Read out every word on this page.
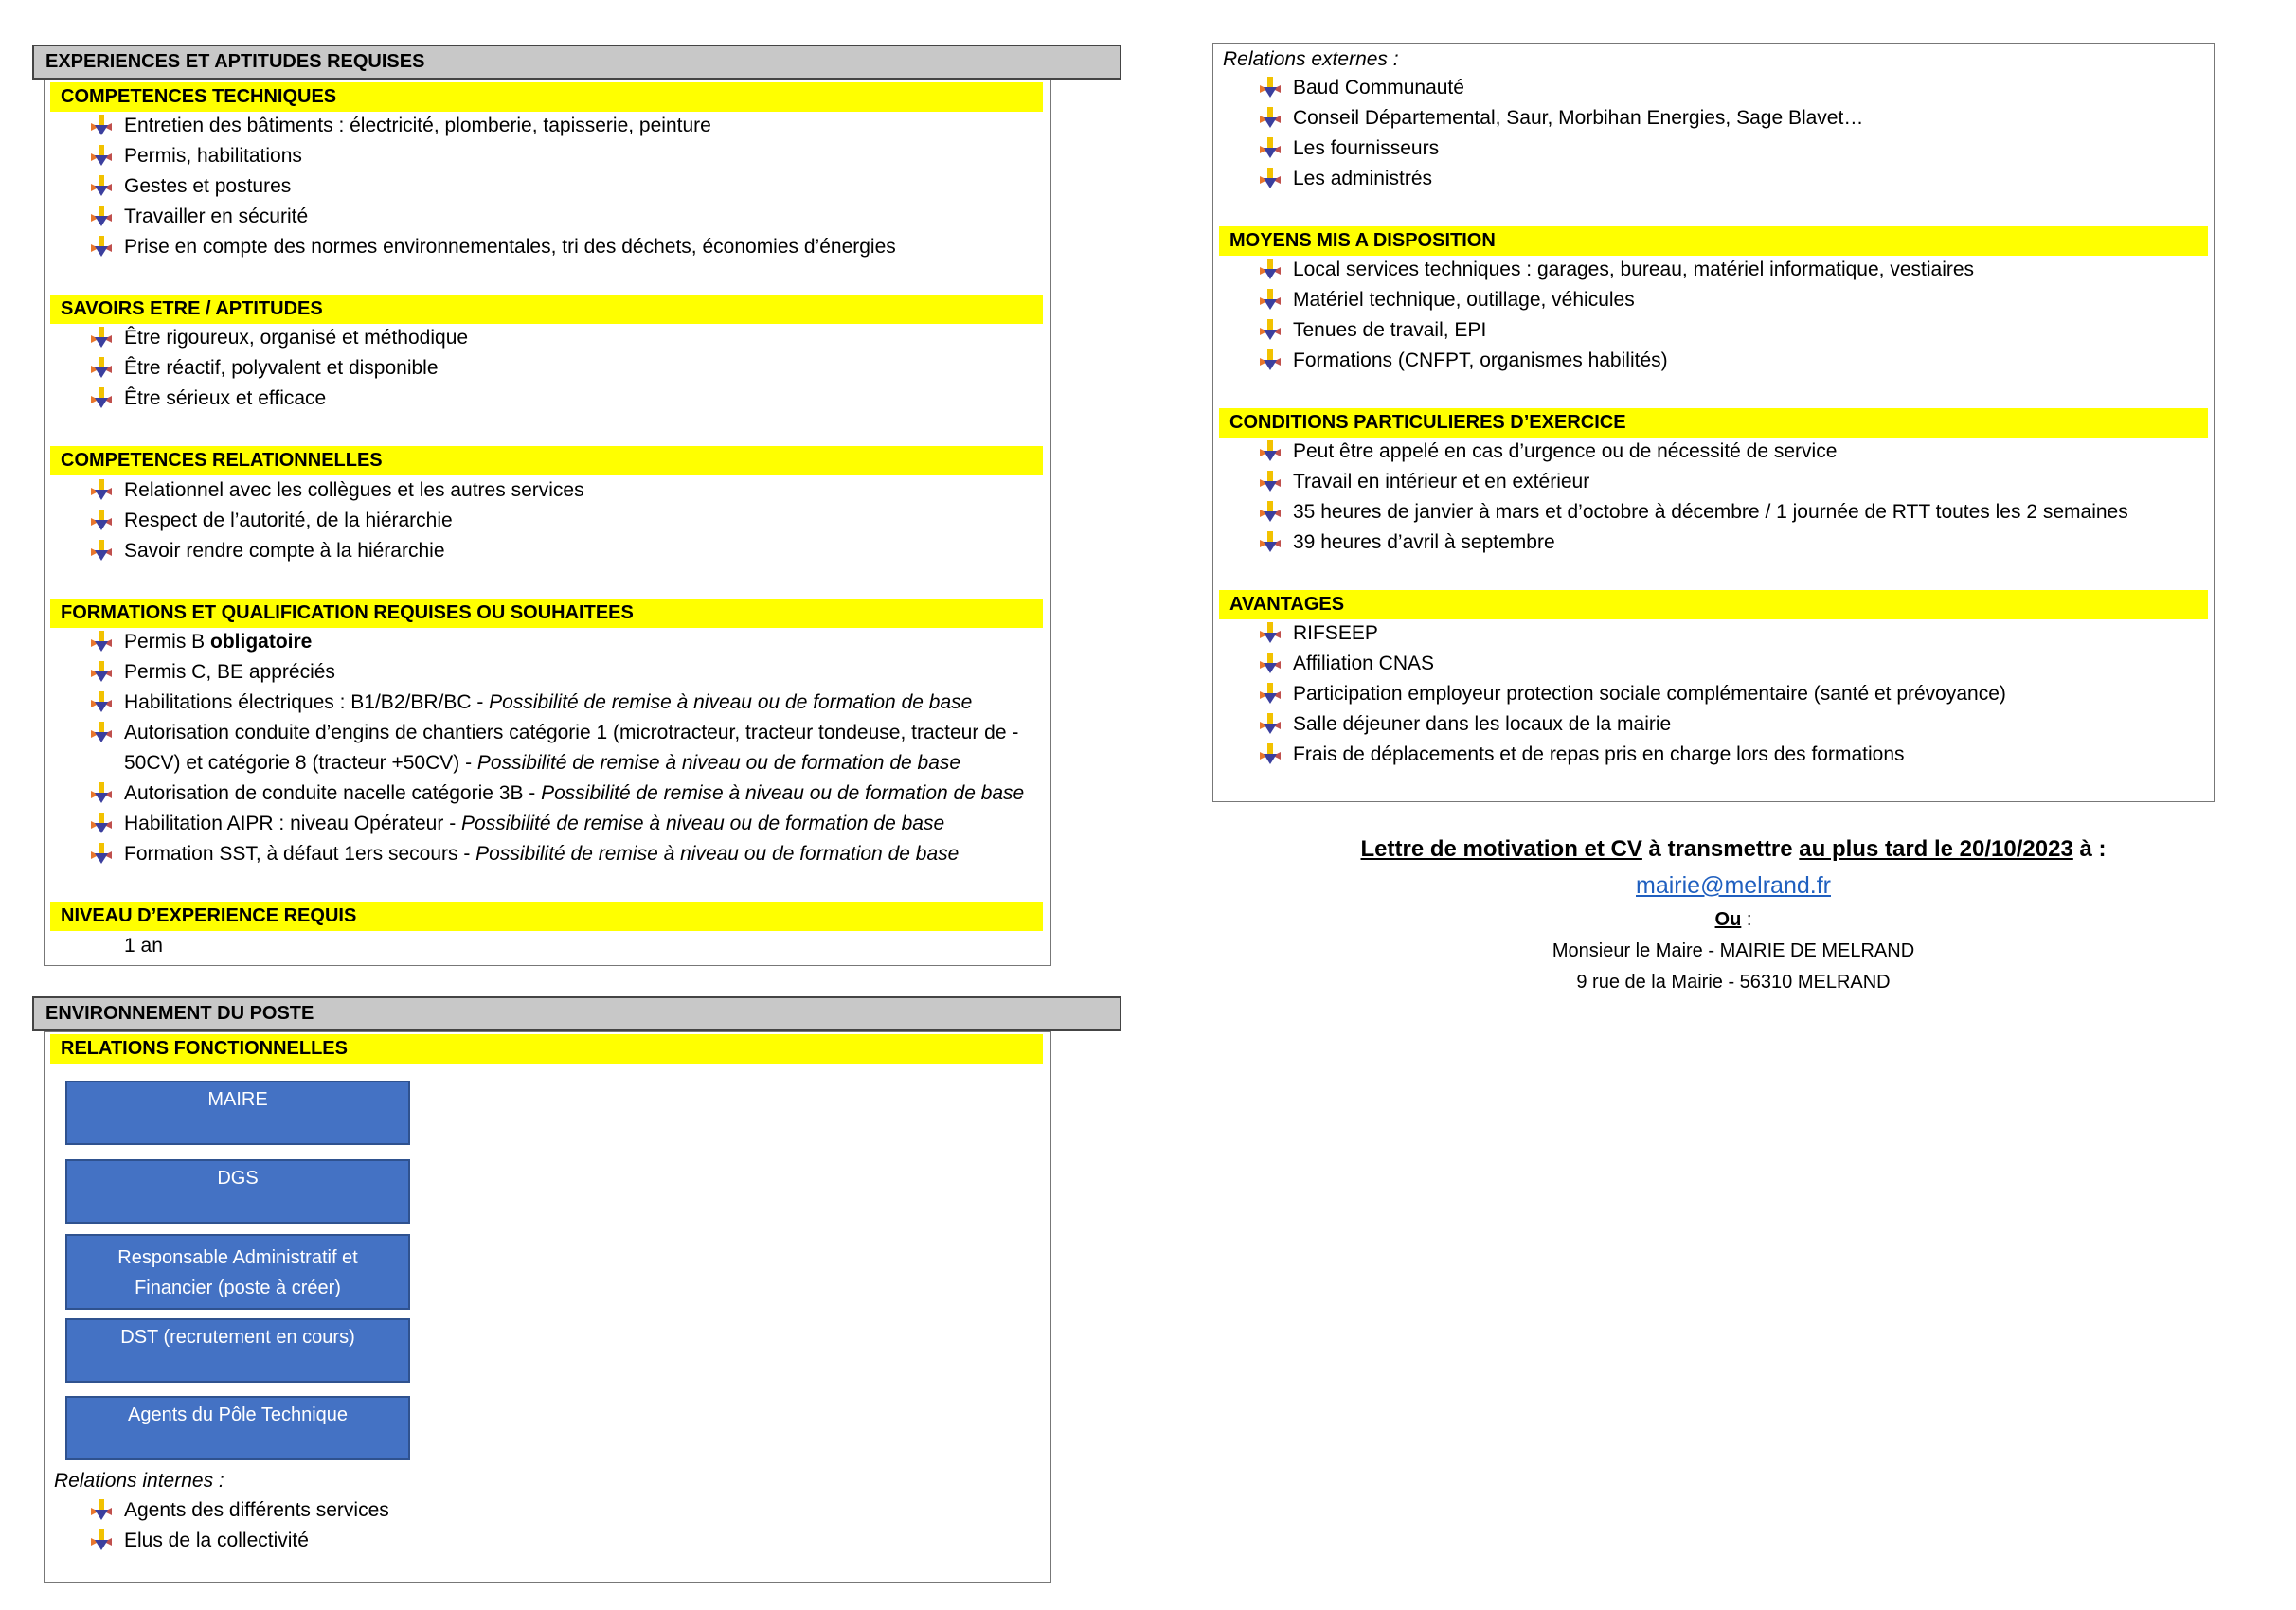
EXPERIENCES ET APTITUDES REQUISES
COMPETENCES TECHNIQUES
Entretien des bâtiments : électricité, plomberie, tapisserie, peinture
Permis, habilitations
Gestes et postures
Travailler en sécurité
Prise en compte des normes environnementales, tri des déchets, économies d’énergies
SAVOIRS ETRE / APTITUDES
Être rigoureux, organisé et méthodique
Être réactif, polyvalent et disponible
Être sérieux et efficace
COMPETENCES RELATIONNELLES
Relationnel avec les collègues et les autres services
Respect de l’autorité, de la hiérarchie
Savoir rendre compte à la hiérarchie
FORMATIONS ET QUALIFICATION REQUISES OU SOUHAITEES
Permis B obligatoire
Permis C, BE appréciés
Habilitations électriques : B1/B2/BR/BC - Possibilité de remise à niveau ou de formation de base
Autorisation conduite d’engins de chantiers catégorie 1 (microtracteur, tracteur tondeuse, tracteur de -
50CV) et catégorie 8 (tracteur +50CV) - Possibilité de remise à niveau ou de formation de base
Autorisation de conduite nacelle catégorie 3B - Possibilité de remise à niveau ou de formation de base
Habilitation AIPR : niveau Opérateur - Possibilité de remise à niveau ou de formation de base
Formation SST, à défaut 1ers secours - Possibilité de remise à niveau ou de formation de base
NIVEAU D’EXPERIENCE REQUIS
1 an
ENVIRONNEMENT DU POSTE
RELATIONS FONCTIONNELLES
MAIRE
DGS
Responsable Administratif et
Financier (poste à créer)
DST (recrutement en cours)
Agents du Pôle Technique
Relations internes :
Agents des différents services
Elus de la collectivité
Relations externes :
Baud Communauté
Conseil Départemental, Saur, Morbihan Energies, Sage Blavet…
Les fournisseurs
Les administrés
MOYENS MIS A DISPOSITION
Local services techniques : garages, bureau, matériel informatique, vestiaires
Matériel technique, outillage, véhicules
Tenues de travail, EPI
Formations (CNFPT, organismes habilités)
CONDITIONS PARTICULIERES D’EXERCICE
Peut être appelé en cas d’urgence ou de nécessité de service
Travail en intérieur et en extérieur
35 heures de janvier à mars et d’octobre à décembre / 1 journée de RTT toutes les 2 semaines
39 heures d’avril à septembre
AVANTAGES
RIFSEEP
Affiliation CNAS
Participation employeur protection sociale complémentaire (santé et prévoyance)
Salle déjeuner dans les locaux de la mairie
Frais de déplacements et de repas pris en charge lors des formations
Lettre de motivation et CV à transmettre au plus tard le 20/10/2023 à :
mairie@melrand.fr
Ou :
Monsieur le Maire - MAIRIE DE MELRAND
9 rue de la Mairie - 56310 MELRAND
